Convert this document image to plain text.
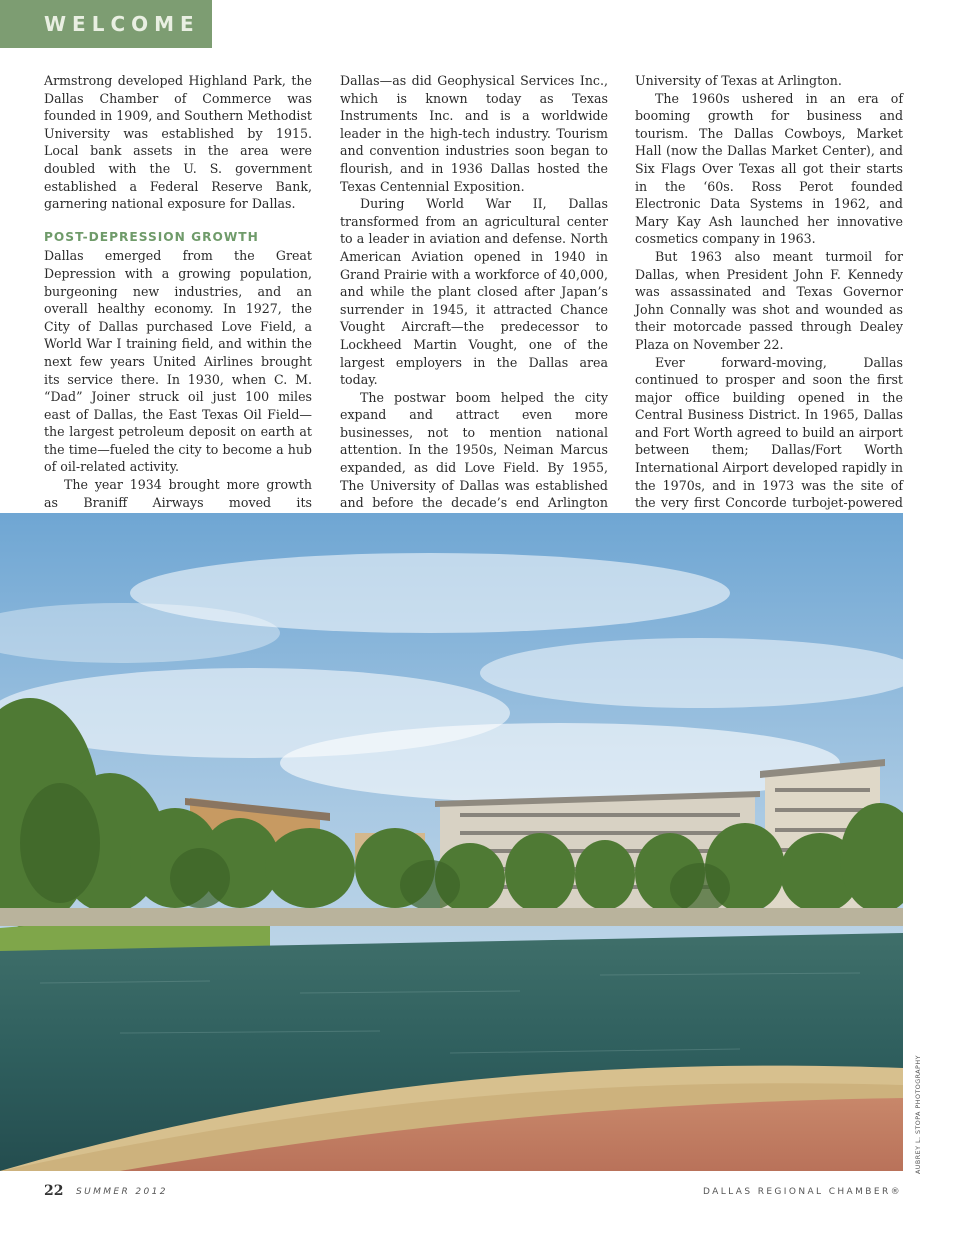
WELCOME

Armstrong developed Highland Park, the Dallas Chamber of Commerce was founded in 1909, and Southern Methodist University was established by 1915. Local bank assets in the area were doubled with the U. S. government established a Federal Reserve Bank, garnering national exposure for Dallas.

POST-DEPRESSION GROWTH

Dallas emerged from the Great Depression with a growing population, burgeoning new industries, and an overall healthy economy. In 1927, the City of Dallas purchased Love Field, a World War I training field, and within the next few years United Airlines brought its service there. In 1930, when C. M. “Dad” Joiner struck oil just 100 miles east of Dallas, the East Texas Oil Field—the largest petroleum deposit on earth at the time—fueled the city to become a hub of oil-related activity.

The year 1934 brought more growth as Braniff Airways moved its

Dallas—as did Geophysical Services Inc., which is known today as Texas Instruments Inc. and is a worldwide leader in the high-tech industry. Tourism and convention industries soon began to flourish, and in 1936 Dallas hosted the Texas Centennial Exposition.

During World War II, Dallas transformed from an agricultural center to a leader in aviation and defense. North American Aviation opened in 1940 in Grand Prairie with a workforce of 40,000, and while the plant closed after Japan’s surrender in 1945, it attracted Chance Vought Aircraft—the predecessor to Lockheed Martin Vought, one of the largest employers in the Dallas area today.

The postwar boom helped the city expand and attract even more businesses, not to mention national attention. In the 1950s, Neiman Marcus expanded, as did Love Field. By 1955, The University of Dallas was established and before the decade’s end Arlington

University of Texas at Arlington.

The 1960s ushered in an era of booming growth for business and tourism. The Dallas Cowboys, Market Hall (now the Dallas Market Center), and Six Flags Over Texas all got their starts in the ‘60s. Ross Perot founded Electronic Data Systems in 1962, and Mary Kay Ash launched her innovative cosmetics company in 1963.

But 1963 also meant turmoil for Dallas, when President John F. Kennedy was assassinated and Texas Governor John Connally was shot and wounded as their motorcade passed through Dealey Plaza on November 22.

Ever forward-moving, Dallas continued to prosper and soon the first major office building opened in the Central Business District. In 1965, Dallas and Fort Worth agreed to build an airport between them; Dallas/Fort Worth International Airport developed rapidly in the 1970s, and in 1973 was the site of the very first Concorde turbojet-powered

AUBREY L. STOPA PHOTOGRAPHY
22 SUMMER 2012	DALLAS REGIONAL CHAMBER®
